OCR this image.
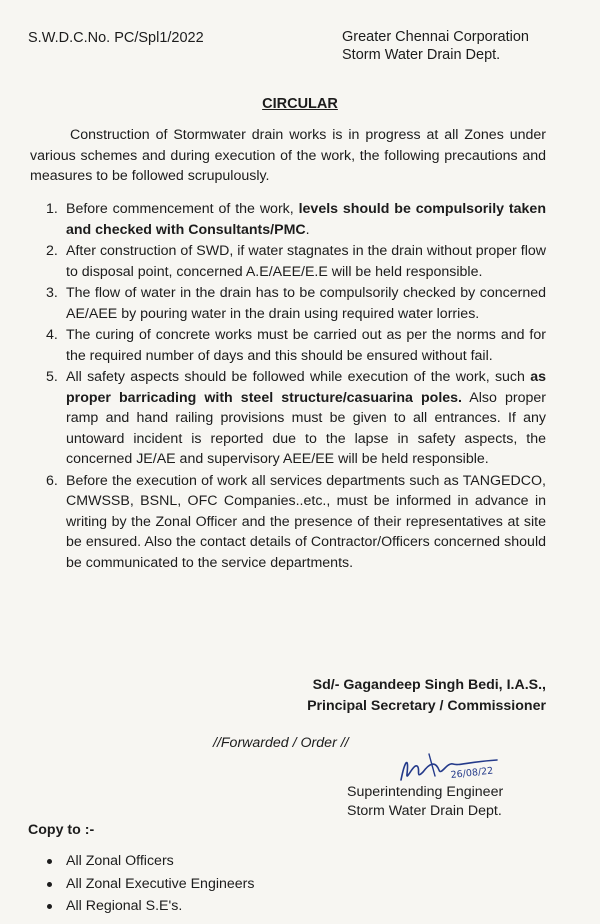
S.W.D.C.No. PC/Spl1/2022	Greater Chennai Corporation
Storm Water Drain Dept.
CIRCULAR
Construction of Stormwater drain works is in progress at all Zones under various schemes and during execution of the work, the following precautions and measures to be followed scrupulously.
1. Before commencement of the work, levels should be compulsorily taken and checked with Consultants/PMC.
2. After construction of SWD, if water stagnates in the drain without proper flow to disposal point, concerned A.E/AEE/E.E will be held responsible.
3. The flow of water in the drain has to be compulsorily checked by concerned AE/AEE by pouring water in the drain using required water lorries.
4. The curing of concrete works must be carried out as per the norms and for the required number of days and this should be ensured without fail.
5. All safety aspects should be followed while execution of the work, such as proper barricading with steel structure/casuarina poles. Also proper ramp and hand railing provisions must be given to all entrances. If any untoward incident is reported due to the lapse in safety aspects, the concerned JE/AE and supervisory AEE/EE will be held responsible.
6. Before the execution of work all services departments such as TANGEDCO, CMWSSB, BSNL, OFC Companies..etc., must be informed in advance in writing by the Zonal Officer and the presence of their representatives at site be ensured. Also the contact details of Contractor/Officers concerned should be communicated to the service departments.
Sd/- Gagandeep Singh Bedi, I.A.S.,
Principal Secretary / Commissioner
//Forwarded / Order //
26/08/22
Superintending Engineer
Storm Water Drain Dept.
Copy to :-
All Zonal Officers
All Zonal Executive Engineers
All Regional S.E's.
